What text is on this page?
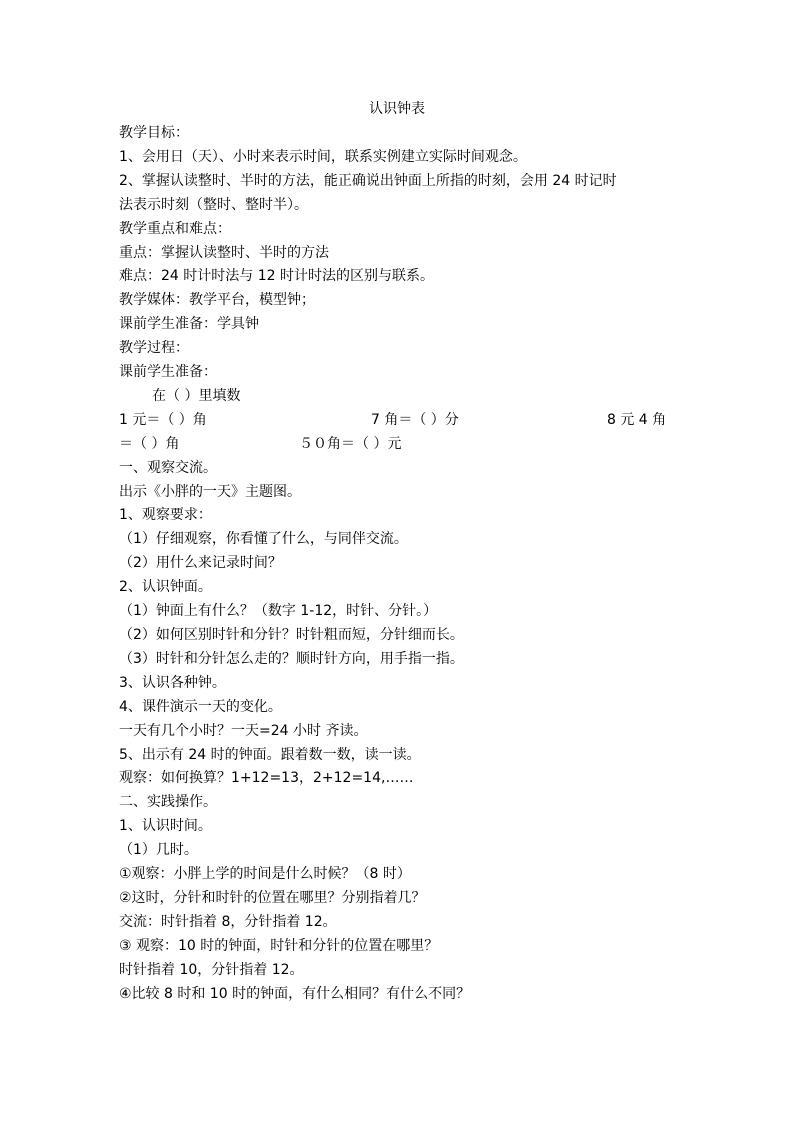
认识钟表
教学目标：
1、会用日（天）、小时来表示时间，联系实例建立实际时间观念。
2、掌握认读整时、半时的方法，能正确说出钟面上所指的时刻，会用 24 时记时
法表示时刻（整时、整时半）。
教学重点和难点：
重点：掌握认读整时、半时的方法
难点：24 时计时法与 12 时计时法的区别与联系。
教学媒体：教学平台，模型钟；
课前学生准备：学具钟
教学过程：
课前学生准备：
在（ ）里填数
1 元＝（ ）角	7 角＝（ ）分	8 元 4 角
＝（ ）角	５０角＝（ ）元
一、观察交流。
出示《小胖的一天》主题图。
1、观察要求：
（1）仔细观察，你看懂了什么，与同伴交流。
（2）用什么来记录时间？
2、认识钟面。
（1）钟面上有什么？（数字 1-12，时针、分针。）
（2）如何区别时针和分针？时针粗而短，分针细而长。
（3）时针和分针怎么走的？顺时针方向，用手指一指。
3、认识各种钟。
4、课件演示一天的变化。
一天有几个小时？一天=24 小时 齐读。
5、出示有 24 时的钟面。跟着数一数，读一读。
观察：如何换算？1+12=13，2+12=14,……
二、实践操作。
1、认识时间。
（1）几时。
①观察：小胖上学的时间是什么时候？（8 时）
②这时，分针和时针的位置在哪里？分别指着几？
交流：时针指着 8，分针指着 12。
③ 观察：10 时的钟面，时针和分针的位置在哪里？
时针指着 10，分针指着 12。
④比较 8 时和 10 时的钟面，有什么相同？有什么不同？
